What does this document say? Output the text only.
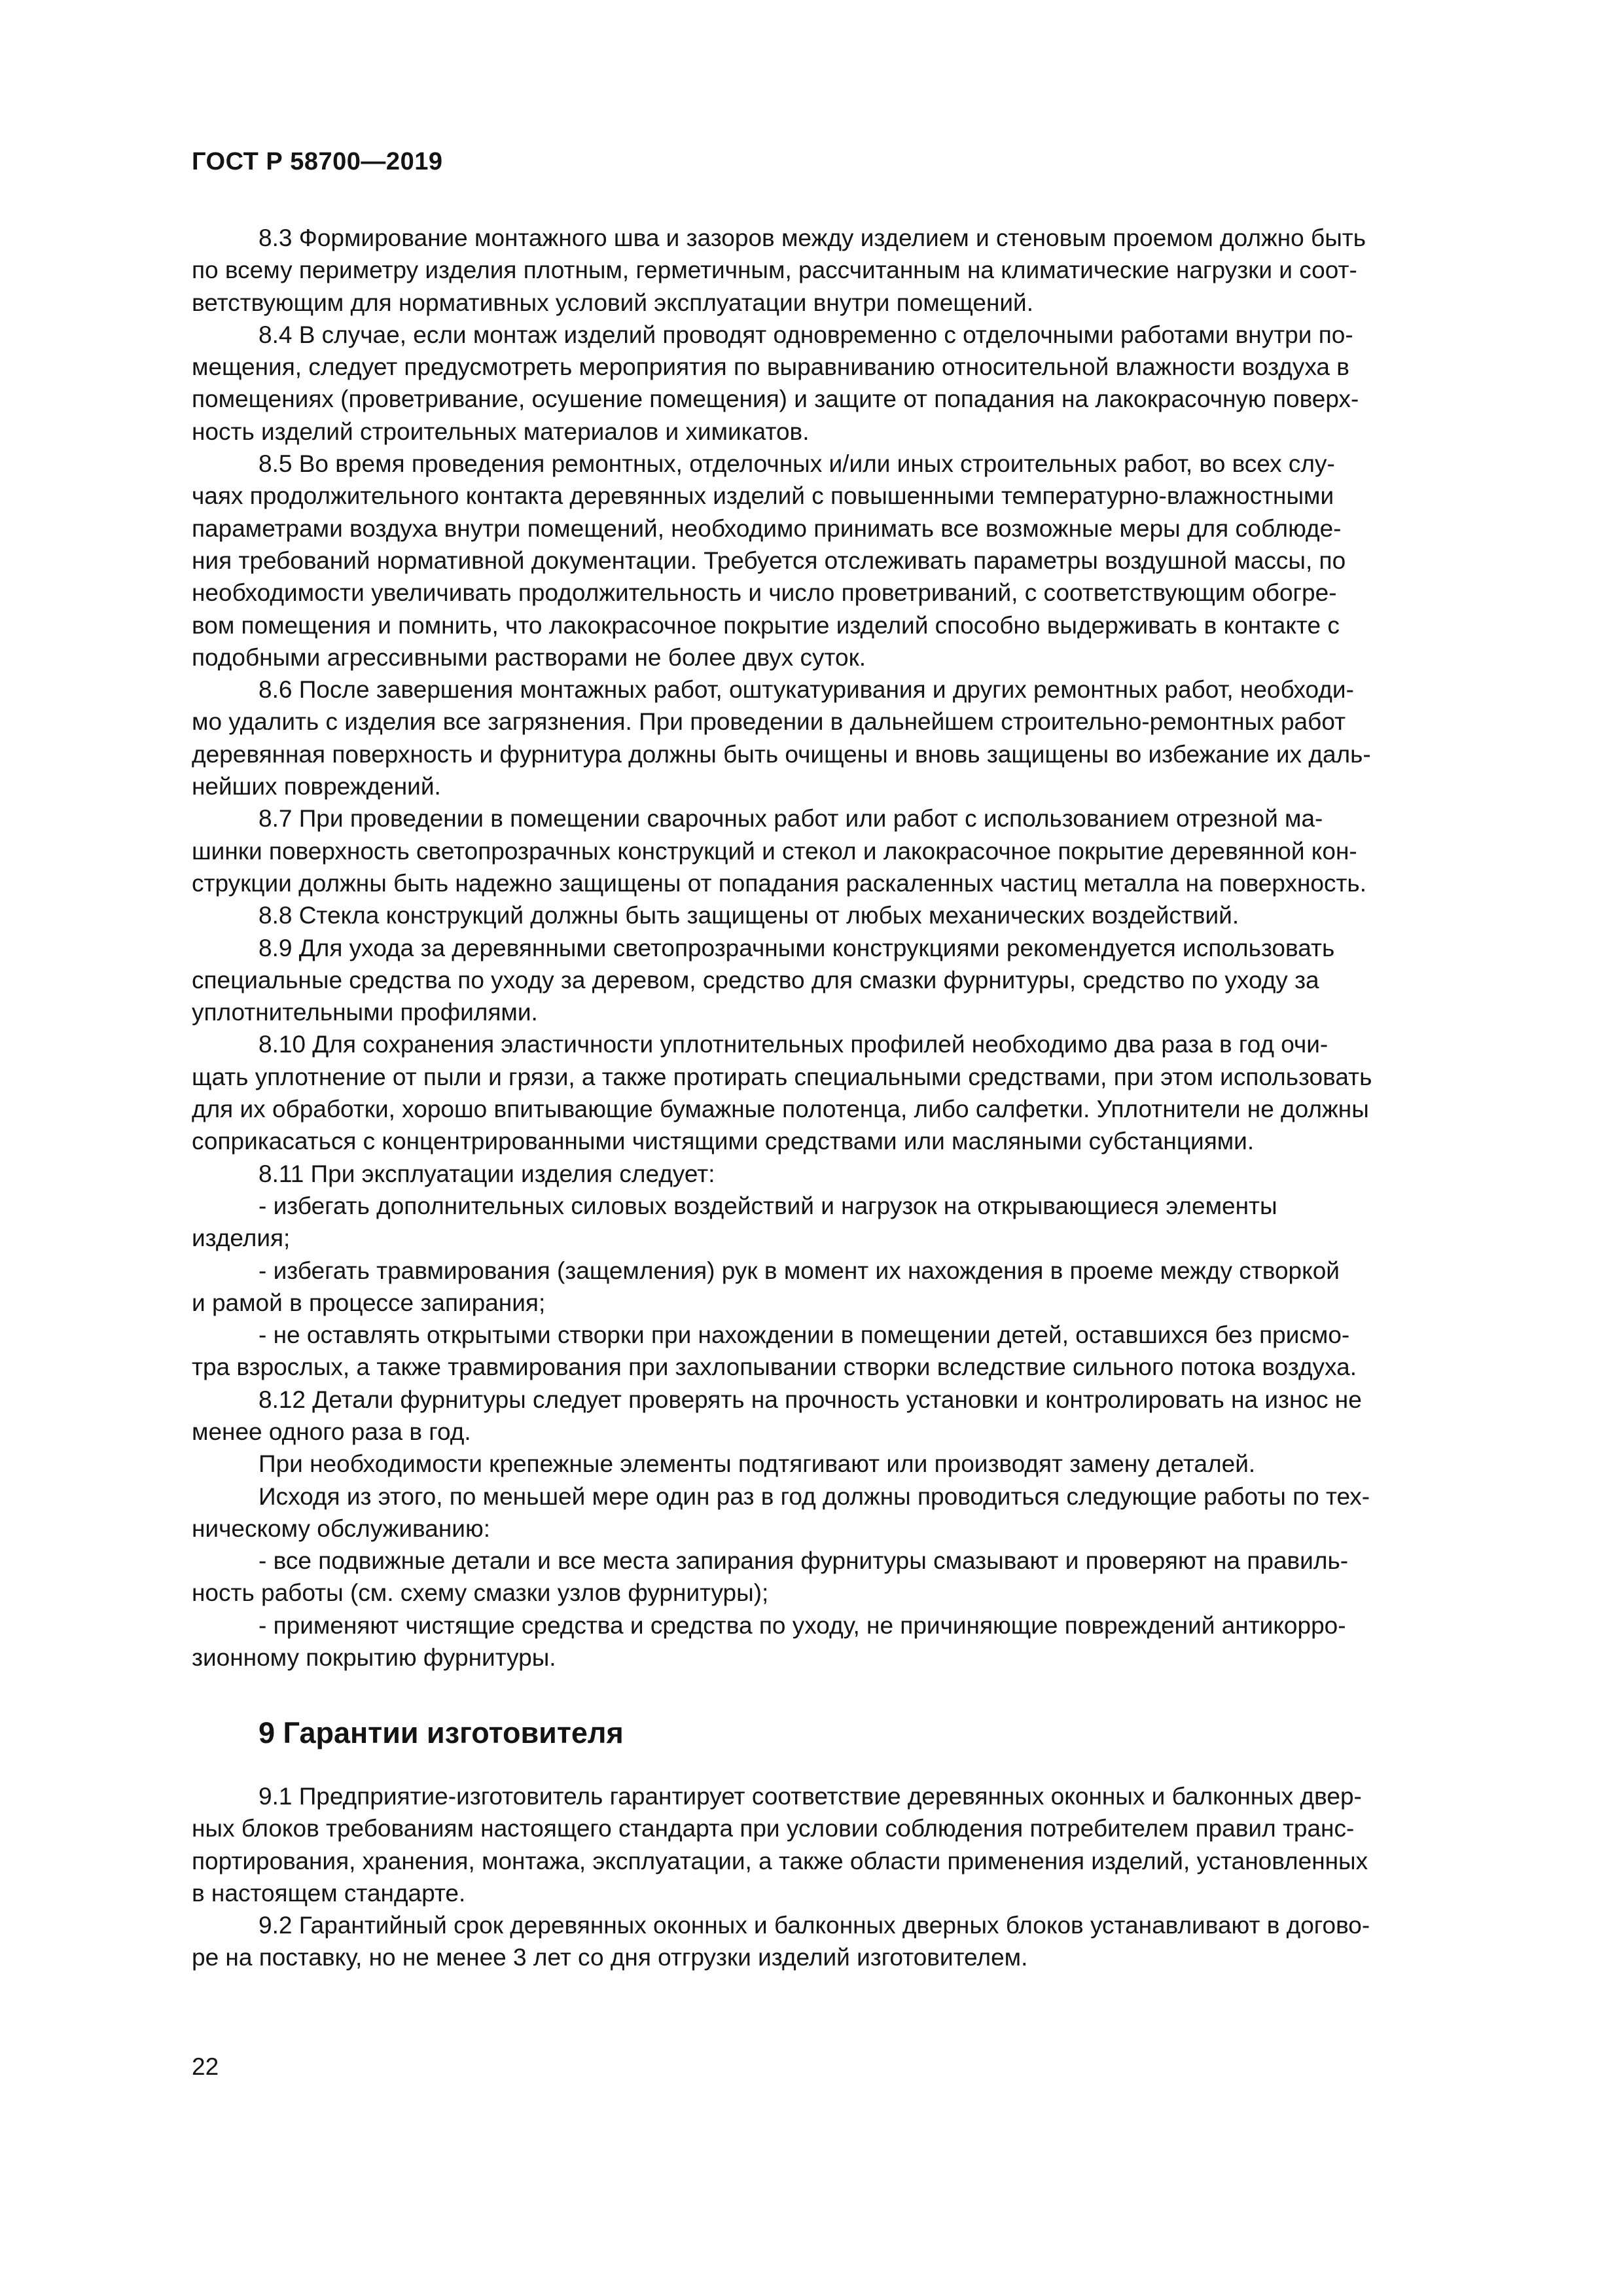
ГОСТ Р 58700—2019

8.3 Формирование монтажного шва и зазоров между изделием и стеновым проемом должно быть
по всему периметру изделия плотным, герметичным, рассчитанным на климатические нагрузки и соот-
ветствующим для нормативных условий эксплуатации внутри помещений.

8.4 В случае, если монтаж изделий проводят одновременно с отделочными работами внутри по-
мещения, следует предусмотреть мероприятия по выравниванию относительной влажности воздуха в
помещениях (проветривание, осушение помещения) и защите от попадания на лакокрасочную поверх-
ность изделий строительных материалов и химикатов.

8.5 Во время проведения ремонтных, отделочных и/или иных строительных работ, во всех слу-
чаях продолжительного контакта деревянных изделий с повышенными температурно-влажностными
параметрами воздуха внутри помещений, необходимо принимать все возможные меры для соблюде-
ния требований нормативной документации. Требуется отслеживать параметры воздушной массы, по
необходимости увеличивать продолжительность и число проветриваний, с соответствующим обогре-
вом помещения и помнить, что лакокрасочное покрытие изделий способно выдерживать в контакте с
подобными агрессивными растворами не более двух суток.

8.6 После завершения монтажных работ, оштукатуривания и других ремонтных работ, необходи-
мо удалить с изделия все загрязнения. При проведении в дальнейшем строительно-ремонтных работ
деревянная поверхность и фурнитура должны быть очищены и вновь защищены во избежание их даль-
нейших повреждений.

8.7 При проведении в помещении сварочных работ или работ с использованием отрезной ма-
шинки поверхность светопрозрачных конструкций и стекол и лакокрасочное покрытие деревянной кон-
струкции должны быть надежно защищены от попадания раскаленных частиц металла на поверхность.

8.8 Стекла конструкций должны быть защищены от любых механических воздействий.

8.9 Для ухода за деревянными светопрозрачными конструкциями рекомендуется использовать
специальные средства по уходу за деревом, средство для смазки фурнитуры, средство по уходу за
уплотнительными профилями.

8.10 Для сохранения эластичности уплотнительных профилей необходимо два раза в год очи-
щать уплотнение от пыли и грязи, а также протирать специальными средствами, при этом использовать
для их обработки, хорошо впитывающие бумажные полотенца, либо салфетки. Уплотнители не должны
соприкасаться с концентрированными чистящими средствами или масляными субстанциями.

8.11 При эксплуатации изделия следует:

- избегать дополнительных силовых воздействий и нагрузок на открывающиеся элементы
изделия;

- избегать травмирования (защемления) рук в момент их нахождения в проеме между створкой
и рамой в процессе запирания;

- не оставлять открытыми створки при нахождении в помещении детей, оставшихся без присмо-
тра взрослых, а также травмирования при захлопывании створки вследствие сильного потока воздуха.

8.12 Детали фурнитуры следует проверять на прочность установки и контролировать на износ не
менее одного раза в год.

При необходимости крепежные элементы подтягивают или производят замену деталей.

Исходя из этого, по меньшей мере один раз в год должны проводиться следующие работы по тех-
ническому обслуживанию:

- все подвижные детали и все места запирания фурнитуры смазывают и проверяют на правиль-
ность работы (см. схему смазки узлов фурнитуры);

- применяют чистящие средства и средства по уходу, не причиняющие повреждений антикорро-
зионному покрытию фурнитуры.

9 Гарантии изготовителя

9.1 Предприятие-изготовитель гарантирует соответствие деревянных оконных и балконных двер-
ных блоков требованиям настоящего стандарта при условии соблюдения потребителем правил транс-
портирования, хранения, монтажа, эксплуатации, а также области применения изделий, установленных
в настоящем стандарте.

9.2 Гарантийный срок деревянных оконных и балконных дверных блоков устанавливают в догово-
ре на поставку, но не менее 3 лет со дня отгрузки изделий изготовителем.

22
